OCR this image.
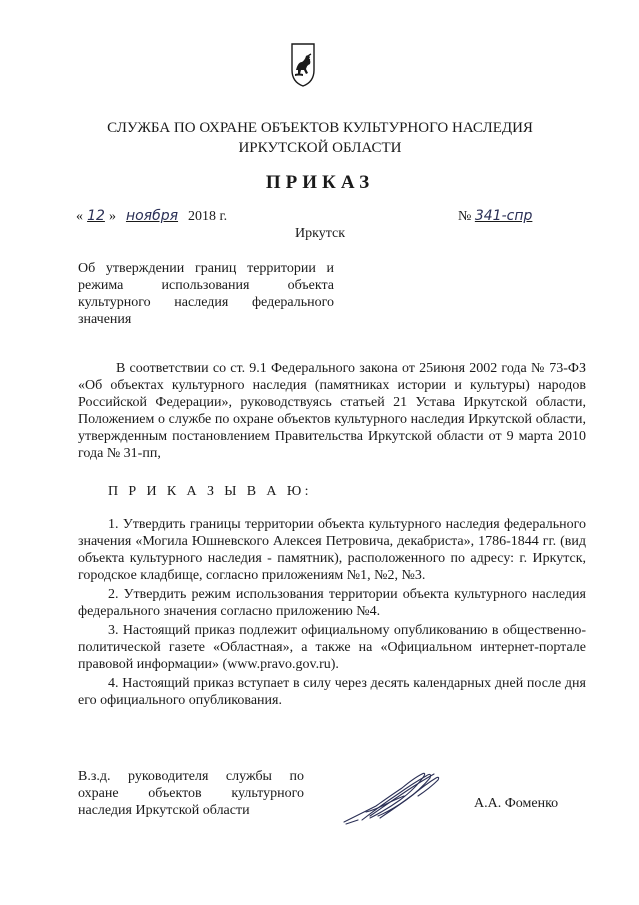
СЛУЖБА ПО ОХРАНЕ ОБЪЕКТОВ КУЛЬТУРНОГО НАСЛЕДИЯ
ИРКУТСКОЙ ОБЛАСТИ
ПРИКАЗ
« 12 » ноября 2018 г.	№ 341-спр
Иркутск
Об утверждении границ территории и режима использования объекта культурного наследия федерального значения
В соответствии со ст. 9.1 Федерального закона от 25июня 2002 года № 73-ФЗ «Об объектах культурного наследия (памятниках истории и культуры) народов Российской Федерации», руководствуясь статьей 21 Устава Иркутской области, Положением о службе по охране объектов культурного наследия Иркутской области, утвержденным постановлением Правительства Иркутской области от 9 марта 2010 года № 31-пп,
П Р И К А З Ы В А Ю:

1. Утвердить границы территории объекта культурного наследия федерального значения «Могила Юшневского Алексея Петровича, декабриста», 1786-1844 гг. (вид объекта культурного наследия - памятник), расположенного по адресу: г. Иркутск, городское кладбище, согласно приложениям №1, №2, №3.

2. Утвердить режим использования территории объекта культурного наследия федерального значения согласно приложению №4.

3. Настоящий приказ подлежит официальному опубликованию в общественно-политической газете «Областная», а также на «Официальном интернет-портале правовой информации» (www.pravo.gov.ru).

4. Настоящий приказ вступает в силу через десять календарных дней после дня его официального опубликования.

В.з.д. руководителя службы по охране объектов культурного наследия Иркутской области	А.А. Фоменко
